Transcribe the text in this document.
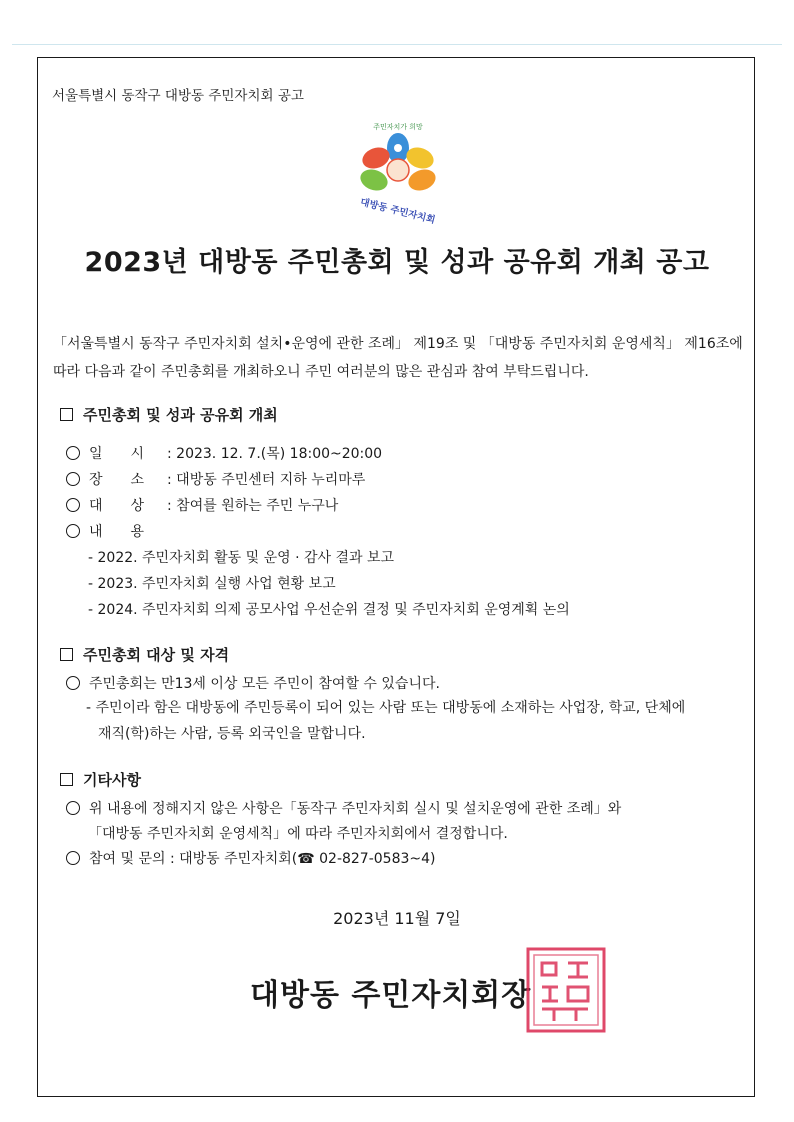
서울특별시 동작구 대방동 주민자치회 공고
주민자치가 희망
대방동 주민자치회
2023년 대방동 주민총회 및 성과 공유회 개최 공고
「서울특별시 동작구 주민자치회 설치•운영에 관한 조례」 제19조 및 「대방동 주민자치회 운영세칙」 제16조에
따라 다음과 같이 주민총회를 개최하오니 주민 여러분의 많은 관심과 참여 부탁드립니다.
주민총회 및 성과 공유회 개최
일　　시	: 2023. 12. 7.(목) 18:00~20:00
장　　소	: 대방동 주민센터 지하 누리마루
대　　상	: 참여를 원하는 주민 누구나
내　　용
- 2022. 주민자치회 활동 및 운영 · 감사 결과 보고
- 2023. 주민자치회 실행 사업 현황 보고
- 2024. 주민자치회 의제 공모사업 우선순위 결정 및 주민자치회 운영계획 논의
주민총회 대상 및 자격
주민총회는 만13세 이상 모든 주민이 참여할 수 있습니다.
- 주민이라 함은 대방동에 주민등록이 되어 있는 사람 또는 대방동에 소재하는 사업장, 학교, 단체에
재직(학)하는 사람, 등록 외국인을 말합니다.
기타사항
위 내용에 정해지지 않은 사항은「동작구 주민자치회 실시 및 설치운영에 관한 조례」와
「대방동 주민자치회 운영세칙」에 따라 주민자치회에서 결정합니다.
참여 및 문의 : 대방동 주민자치회(☎ 02-827-0583~4)
2023년 11월 7일
대방동 주민자치회장
